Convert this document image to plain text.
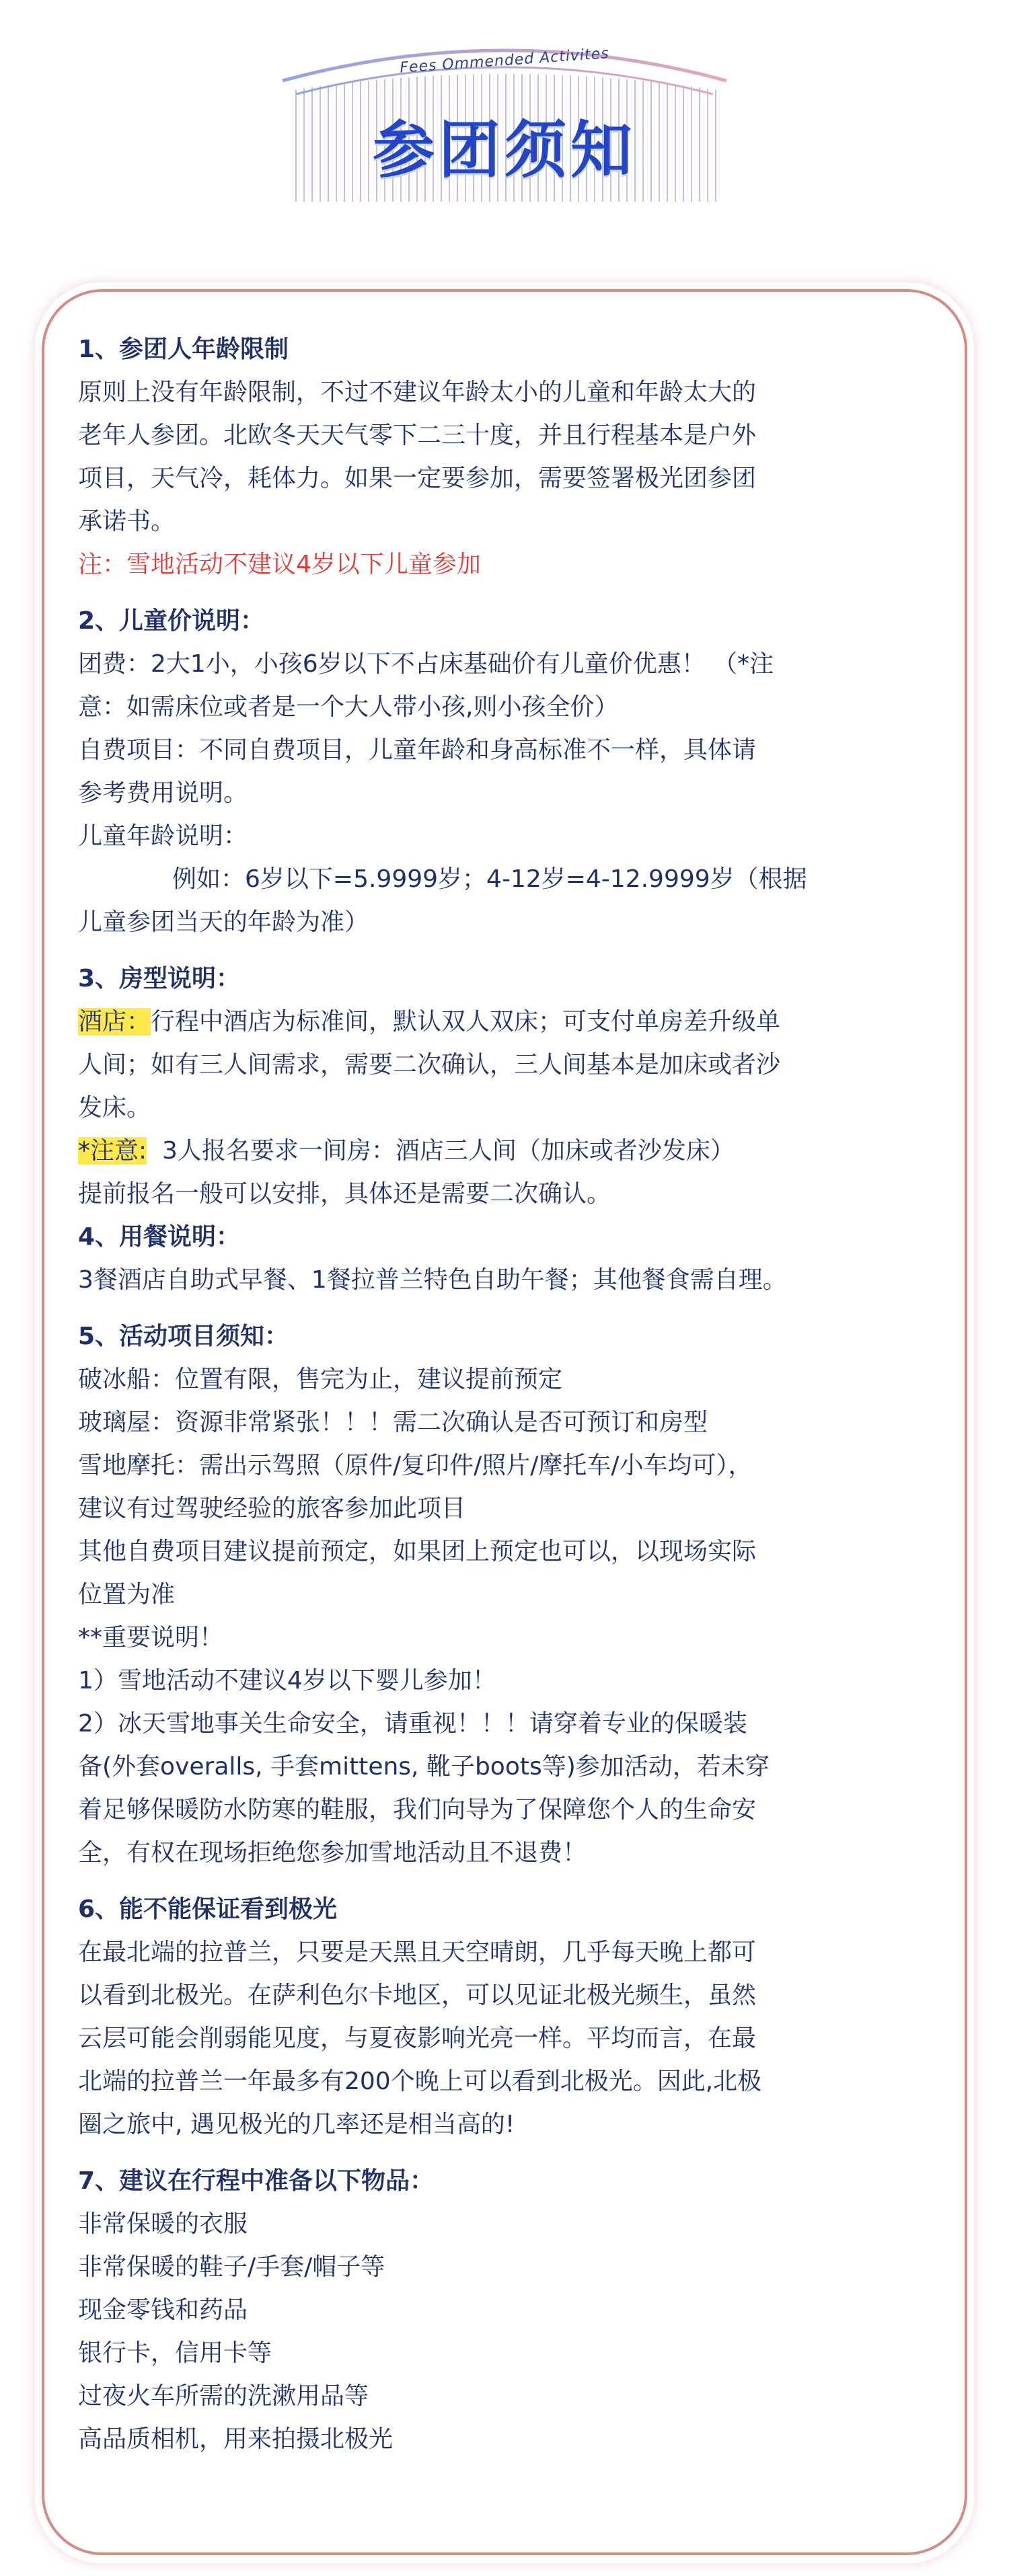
Fees Ommended Activites
参团须知

1、参团人年龄限制

原则上没有年龄限制，不过不建议年龄太小的儿童和年龄太大的

老年人参团。北欧冬天天气零下二三十度，并且行程基本是户外

项目，天气冷，耗体力。如果一定要参加，需要签署极光团参团

承诺书。

注：雪地活动不建议4岁以下儿童参加

2、儿童价说明：

团费：2大1小，小孩6岁以下不占床基础价有儿童价优惠！ （*注

意：如需床位或者是一个大人带小孩,则小孩全价）

自费项目：不同自费项目，儿童年龄和身高标准不一样，具体请

参考费用说明。

儿童年龄说明：

例如：6岁以下=5.9999岁；4-12岁=4-12.9999岁（根据

儿童参团当天的年龄为准）

3、房型说明：

酒店：行程中酒店为标准间，默认双人双床；可支付单房差升级单

人间；如有三人间需求，需要二次确认，三人间基本是加床或者沙

发床。

*注意:  3人报名要求一间房：酒店三人间（加床或者沙发床）

提前报名一般可以安排，具体还是需要二次确认。

4、用餐说明：

3餐酒店自助式早餐、1餐拉普兰特色自助午餐；其他餐食需自理。

5、活动项目须知：

破冰船：位置有限，售完为止，建议提前预定

玻璃屋：资源非常紧张！！！需二次确认是否可预订和房型

雪地摩托：需出示驾照（原件/复印件/照片/摩托车/小车均可），

建议有过驾驶经验的旅客参加此项目

其他自费项目建议提前预定，如果团上预定也可以，以现场实际

位置为准

**重要说明！

1）雪地活动不建议4岁以下婴儿参加！

2）冰天雪地事关生命安全，请重视！！！请穿着专业的保暖装

备(外套overalls, 手套mittens, 靴子boots等)参加活动，若未穿

着足够保暖防水防寒的鞋服，我们向导为了保障您个人的生命安

全，有权在现场拒绝您参加雪地活动且不退费！

6、能不能保证看到极光

在最北端的拉普兰，只要是天黑且天空晴朗，几乎每天晚上都可

以看到北极光。在萨利色尔卡地区，可以见证北极光频生，虽然

云层可能会削弱能见度，与夏夜影响光亮一样。平均而言，在最

北端的拉普兰一年最多有200个晚上可以看到北极光。因此,北极

圈之旅中, 遇见极光的几率还是相当高的!

7、建议在行程中准备以下物品：

非常保暖的衣服

非常保暖的鞋子/手套/帽子等

现金零钱和药品

银行卡，信用卡等

过夜火车所需的洗漱用品等

高品质相机，用来拍摄北极光
